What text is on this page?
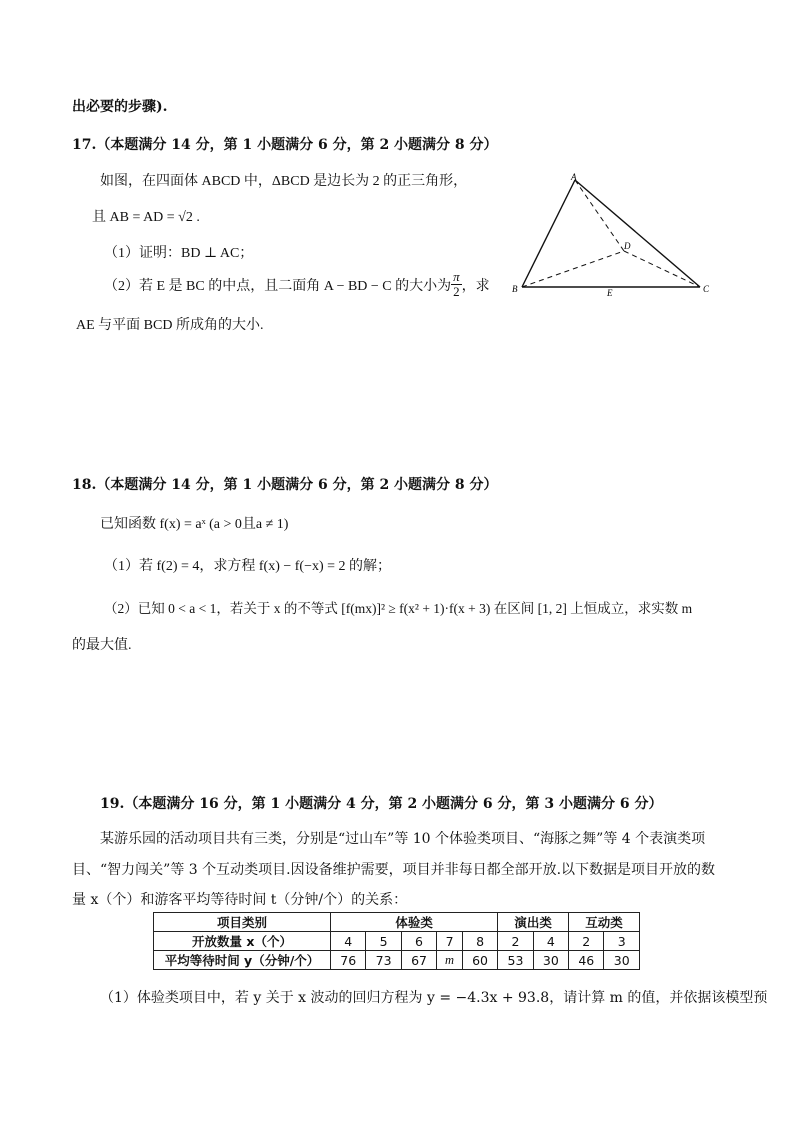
出必要的步骤).
17.（本题满分 14 分，第 1 小题满分 6 分，第 2 小题满分 8 分）
如图，在四面体 ABCD 中，ΔBCD 是边长为 2 的正三角形，
且 AB = AD = √2 .
（1）证明：BD ⊥ AC；
（2）若 E 是 BC 的中点，且二面角 A − BD − C 的大小为 $\frac{\pi}{2}$ ，求
AE 与平面 BCD 所成角的大小.
A
B	C
D
E
18.（本题满分 14 分，第 1 小题满分 6 分，第 2 小题满分 8 分）
已知函数 f(x) = aˣ (a > 0且a ≠ 1)
（1）若 f(2) = 4，求方程 f(x) − f(−x) = 2 的解；
（2）已知 0 < a < 1，若关于 x 的不等式 [f(mx)]² ≥ f(x² + 1)·f(x + 3) 在区间 [1, 2] 上恒成立，求实数 m
的最大值.
19.（本题满分 16 分，第 1 小题满分 4 分，第 2 小题满分 6 分，第 3 小题满分 6 分）
某游乐园的活动项目共有三类，分别是“过山车”等 10 个体验类项目、“海豚之舞”等 4 个表演类项
目、“智力闯关”等 3 个互动类项目.因设备维护需要，项目并非每日都全部开放.以下数据是项目开放的数
量 x（个）和游客平均等待时间 t（分钟/个）的关系：
项目类别	体验类					演出类		互动类	
开放数量 x（个）	4	5	6	7	8	2	4	2	3
平均等待时间 y（分钟/个）	76	73	67	m	60	53	30	46	30
（1）体验类项目中，若 y 关于 x 波动的回归方程为 y = −4.3x + 93.8，请计算 m 的值，并依据该模型预
